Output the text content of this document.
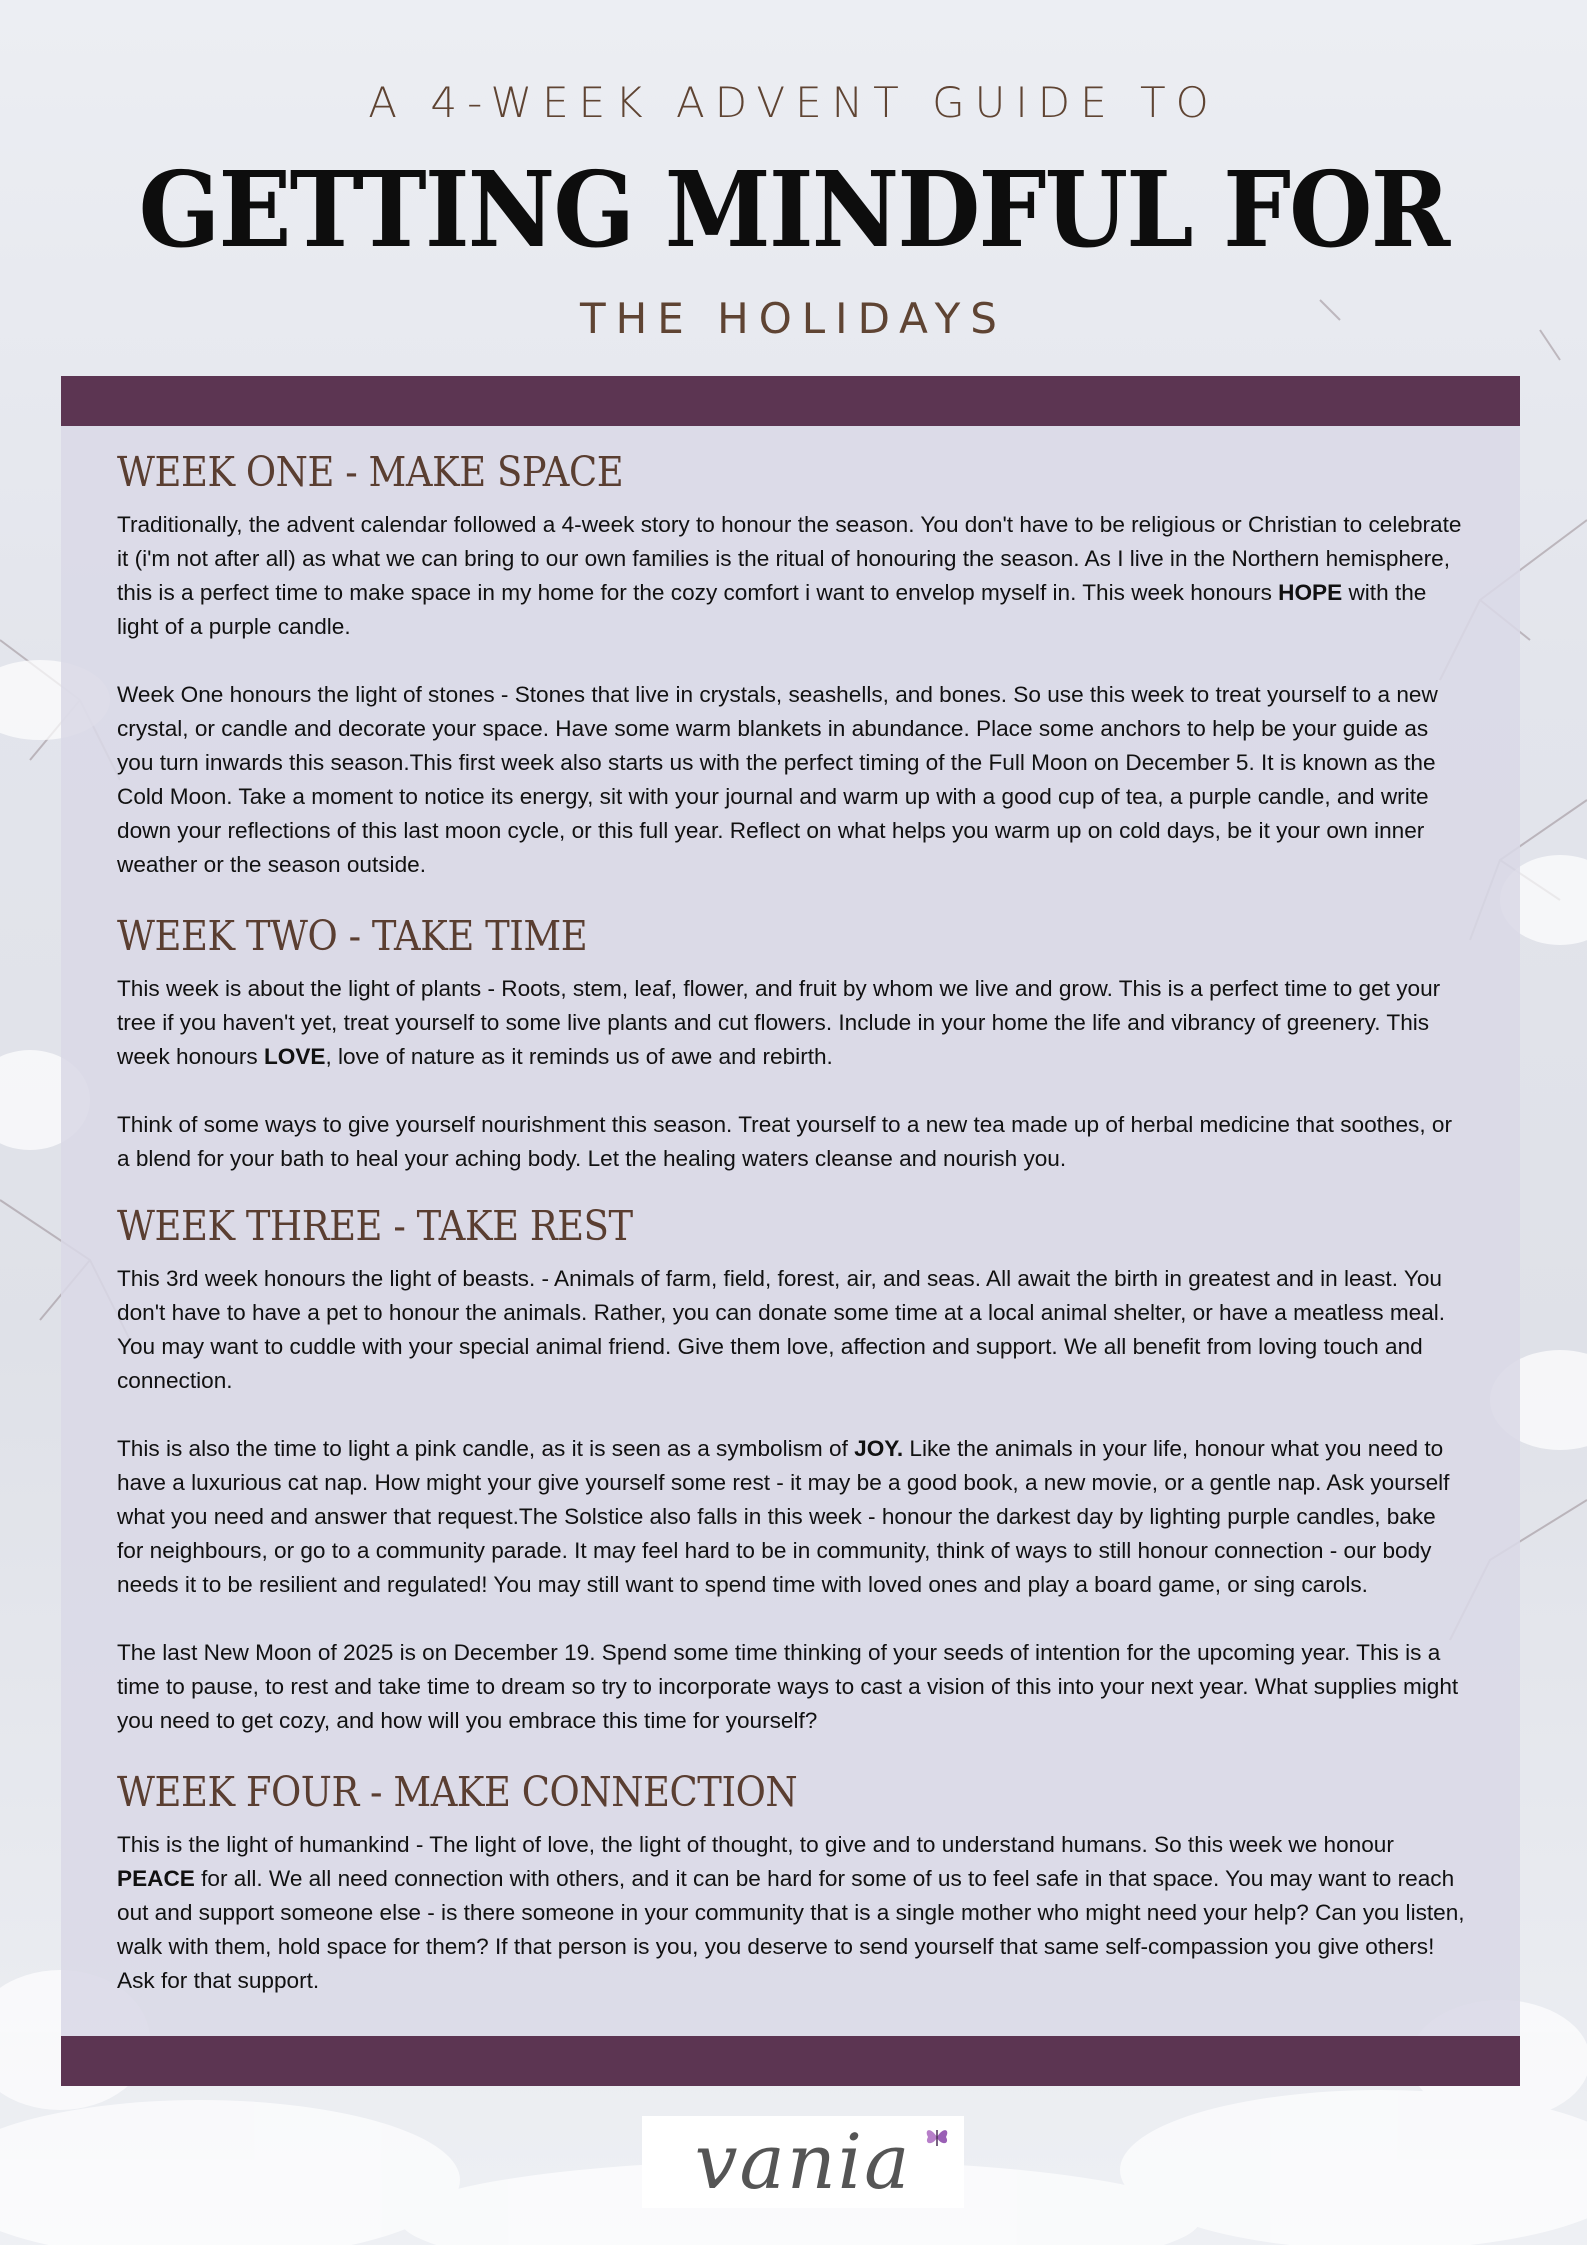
A 4-WEEK ADVENT GUIDE TO
GETTING MINDFUL FOR
THE HOLIDAYS
WEEK ONE - MAKE SPACE

Traditionally, the advent calendar followed a 4-week story to honour the season. You don't have to be religious or Christian to celebrate it (i'm not after all) as what we can bring to our own families is the ritual of honouring the season. As I live in the Northern hemisphere, this is a perfect time to make space in my home for the cozy comfort i want to envelop myself in. This week honours HOPE with the light of a purple candle.

Week One honours the light of stones - Stones that live in crystals, seashells, and bones. So use this week to treat yourself to a new crystal, or candle and decorate your space. Have some warm blankets in abundance. Place some anchors to help be your guide as you turn inwards this season.This first week also starts us with the perfect timing of the Full Moon on December 5. It is known as the Cold Moon. Take a moment to notice its energy, sit with your journal and warm up with a good cup of tea, a purple candle, and write down your reflections of this last moon cycle, or this full year. Reflect on what helps you warm up on cold days, be it your own inner weather or the season outside.

WEEK TWO - TAKE TIME

This week is about the light of plants - Roots, stem, leaf, flower, and fruit by whom we live and grow. This is a perfect time to get your tree if you haven't yet, treat yourself to some live plants and cut flowers. Include in your home the life and vibrancy of greenery. This week honours LOVE, love of nature as it reminds us of awe and rebirth.

Think of some ways to give yourself nourishment this season. Treat yourself to a new tea made up of herbal medicine that soothes, or a blend for your bath to heal your aching body. Let the healing waters cleanse and nourish you.

WEEK THREE - TAKE REST

This 3rd week honours the light of beasts. - Animals of farm, field, forest, air, and seas. All await the birth in greatest and in least. You don't have to have a pet to honour the animals. Rather, you can donate some time at a local animal shelter, or have a meatless meal. You may want to cuddle with your special animal friend. Give them love, affection and support. We all benefit from loving touch and connection.

This is also the time to light a pink candle, as it is seen as a symbolism of JOY. Like the animals in your life, honour what you need to have a luxurious cat nap. How might your give yourself some rest - it may be a good book, a new movie, or a gentle nap. Ask yourself what you need and answer that request.The Solstice also falls in this week - honour the darkest day by lighting purple candles, bake for neighbours, or go to a community parade. It may feel hard to be in community, think of ways to still honour connection - our body needs it to be resilient and regulated! You may still want to spend time with loved ones and play a board game, or sing carols.

The last New Moon of 2025 is on December 19. Spend some time thinking of your seeds of intention for the upcoming year. This is a time to pause, to rest and take time to dream so try to incorporate ways to cast a vision of this into your next year. What supplies might you need to get cozy, and how will you embrace this time for yourself?

WEEK FOUR - MAKE CONNECTION

This is the light of humankind - The light of love, the light of thought, to give and to understand humans. So this week we honour PEACE for all. We all need connection with others, and it can be hard for some of us to feel safe in that space. You may want to reach out and support someone else - is there someone in your community that is a single mother who might need your help? Can you listen, walk with them, hold space for them? If that person is you, you deserve to send yourself that same self-compassion you give others! Ask for that support.

vania
